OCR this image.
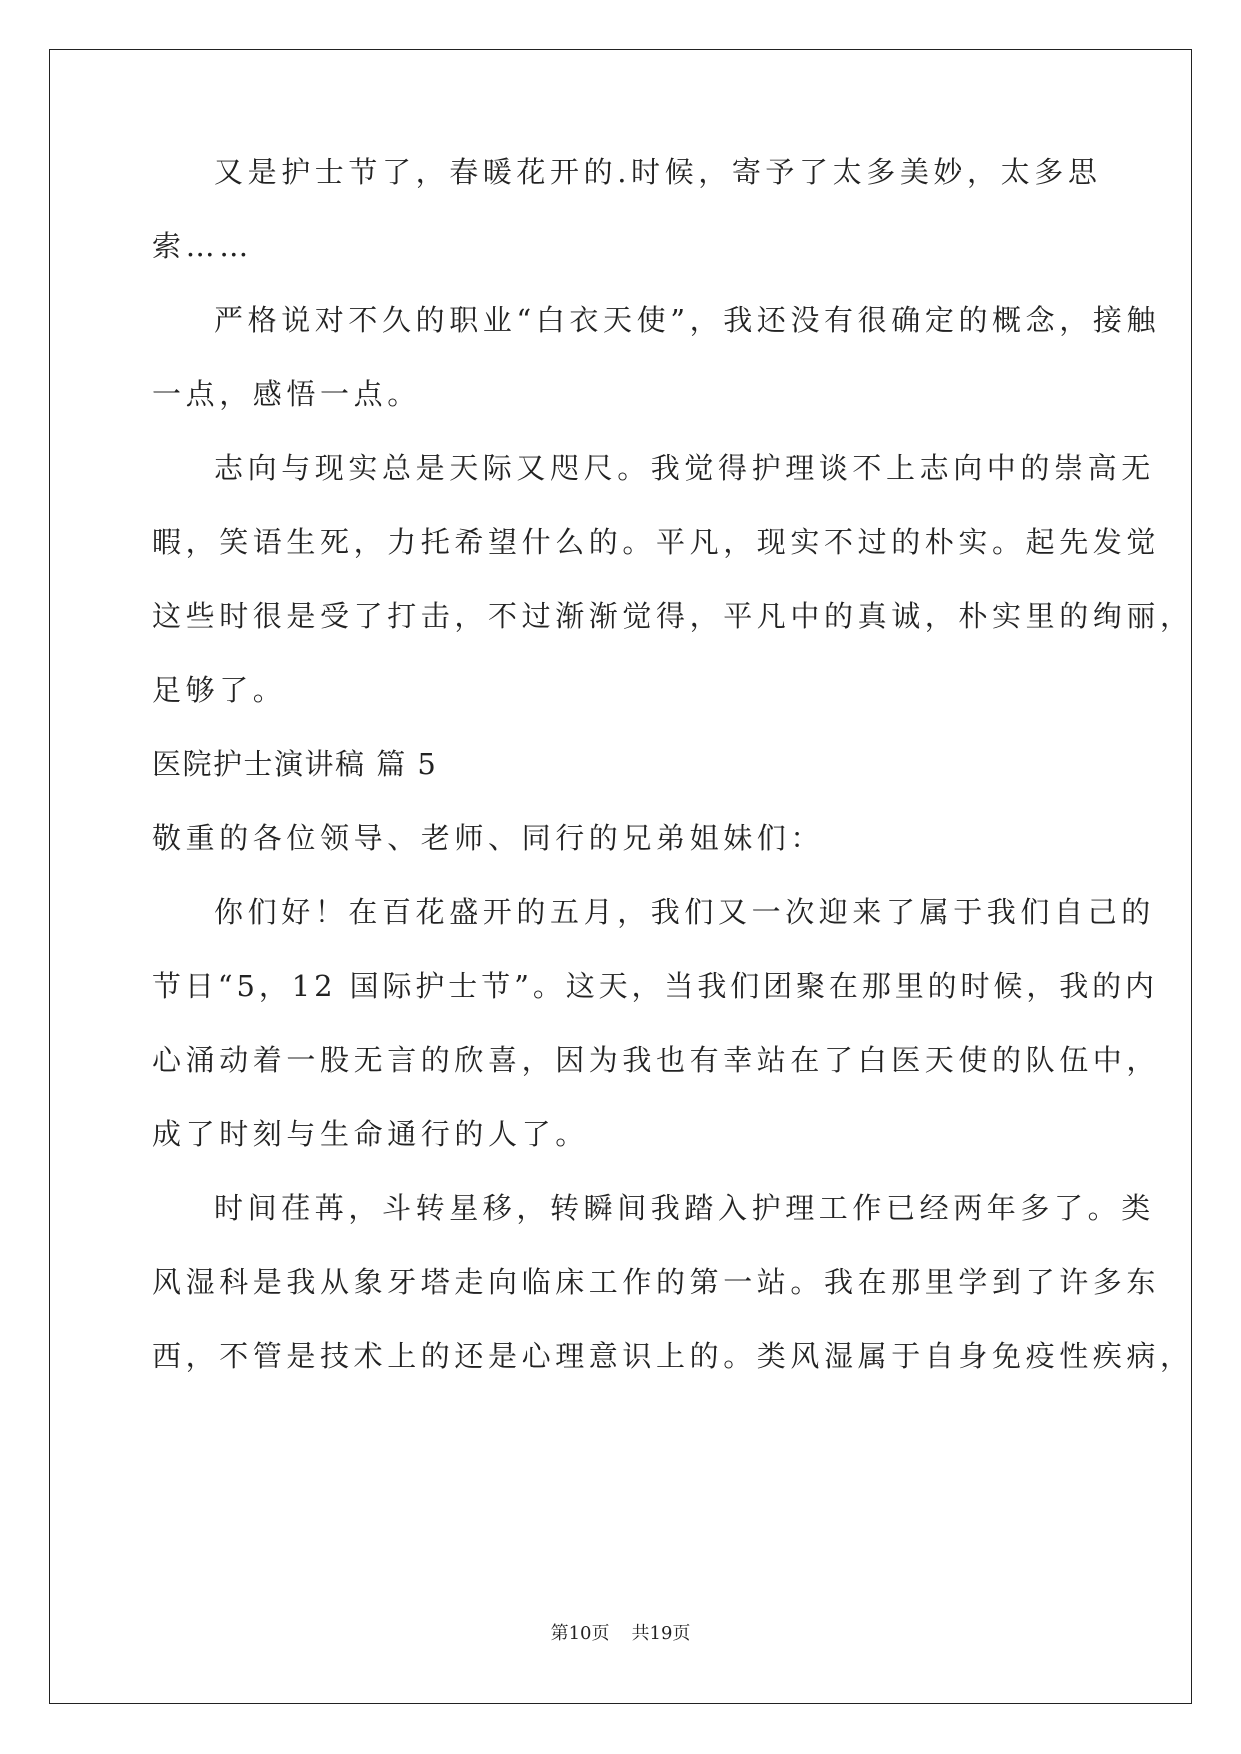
又是护士节了，春暖花开的.时候，寄予了太多美妙，太多思
索……
严格说对不久的职业“白衣天使”，我还没有很确定的概念，接触
一点，感悟一点。
志向与现实总是天际又咫尺。我觉得护理谈不上志向中的崇高无
暇，笑语生死，力托希望什么的。平凡，现实不过的朴实。起先发觉
这些时很是受了打击，不过渐渐觉得，平凡中的真诚，朴实里的绚丽，
足够了。
医院护士演讲稿 篇 5
敬重的各位领导、老师、同行的兄弟姐妹们：
你们好！在百花盛开的五月，我们又一次迎来了属于我们自己的
节日“5，12 国际护士节”。这天，当我们团聚在那里的时候，我的内
心涌动着一股无言的欣喜，因为我也有幸站在了白医天使的队伍中，
成了时刻与生命通行的人了。
时间荏苒，斗转星移，转瞬间我踏入护理工作已经两年多了。类
风湿科是我从象牙塔走向临床工作的第一站。我在那里学到了许多东
西，不管是技术上的还是心理意识上的。类风湿属于自身免疫性疾病，
第10页 共19页
